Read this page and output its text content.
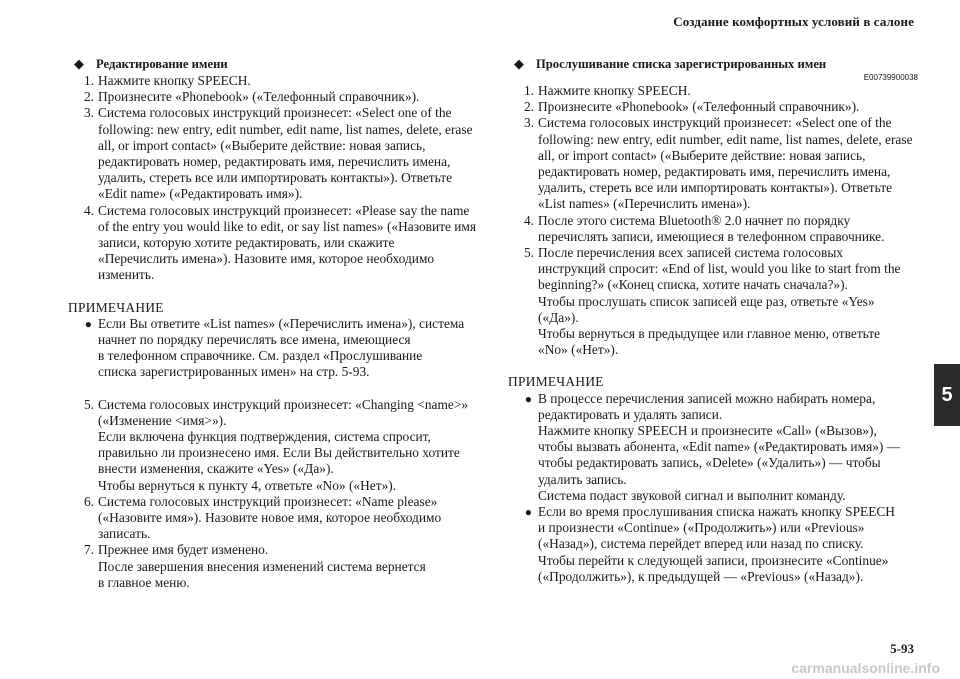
Создание комфортных условий в салоне
5
◆ Редактирование имени
1. Нажмите кнопку SPEECH.
2. Произнесите «Phonebook» («Телефонный справочник»).
3. Система голосовых инструкций произнесет: «Select one of the
following: new entry, edit number, edit name, list names, delete, erase
all, or import contact» («Выберите действие: новая запись,
редактировать номер, редактировать имя, перечислить имена,
удалить, стереть все или импортировать контакты»). Ответьте
«Edit name» («Редактировать имя»).
4. Система голосовых инструкций произнесет: «Please say the name
of the entry you would like to edit, or say list names» («Назовите имя
записи, которую хотите редактировать, или скажите
«Перечислить имена»). Назовите имя, которое необходимо
изменить.
ПРИМЕЧАНИЕ
● Если Вы ответите «List names» («Перечислить имена»), система
начнет по порядку перечислять все имена, имеющиеся
в телефонном справочнике. См. раздел «Прослушивание
списка зарегистрированных имен» на стр. 5-93.
5. Система голосовых инструкций произнесет: «Changing <name>»
(«Изменение <имя>»).
Если включена функция подтверждения, система спросит,
правильно ли произнесено имя. Если Вы действительно хотите
внести изменения, скажите «Yes» («Да»).
Чтобы вернуться к пункту 4, ответьте «No» («Нет»).
6. Система голосовых инструкций произнесет: «Name please»
(«Назовите имя»). Назовите новое имя, которое необходимо
записать.
7. Прежнее имя будет изменено.
После завершения внесения изменений система вернется
в главное меню.
◆ Прослушивание списка зарегистрированных имен
E00739900038
1. Нажмите кнопку SPEECH.
2. Произнесите «Phonebook» («Телефонный справочник»).
3. Система голосовых инструкций произнесет: «Select one of the
following: new entry, edit number, edit name, list names, delete, erase
all, or import contact» («Выберите действие: новая запись,
редактировать номер, редактировать имя, перечислить имена,
удалить, стереть все или импортировать контакты»). Ответьте
«List names» («Перечислить имена»).
4. После этого система Bluetooth® 2.0 начнет по порядку
перечислять записи, имеющиеся в телефонном справочнике.
5. После перечисления всех записей система голосовых
инструкций спросит: «End of list, would you like to start from the
beginning?» («Конец списка, хотите начать сначала?»).
Чтобы прослушать список записей еще раз, ответьте «Yes»
(«Да»).
Чтобы вернуться в предыдущее или главное меню, ответьте
«No» («Нет»).
ПРИМЕЧАНИЕ
● В процессе перечисления записей можно набирать номера,
редактировать и удалять записи.
Нажмите кнопку SPEECH и произнесите «Call» («Вызов»),
чтобы вызвать абонента, «Edit name» («Редактировать имя») —
чтобы редактировать запись, «Delete» («Удалить») — чтобы
удалить запись.
Система подаст звуковой сигнал и выполнит команду.
● Если во время прослушивания списка нажать кнопку SPEECH
и произнести «Continue» («Продолжить») или «Previous»
(«Назад»), система перейдет вперед или назад по списку.
Чтобы перейти к следующей записи, произнесите «Continue»
(«Продолжить»), к предыдущей — «Previous» («Назад»).
5-93
carmanualsonline.info
